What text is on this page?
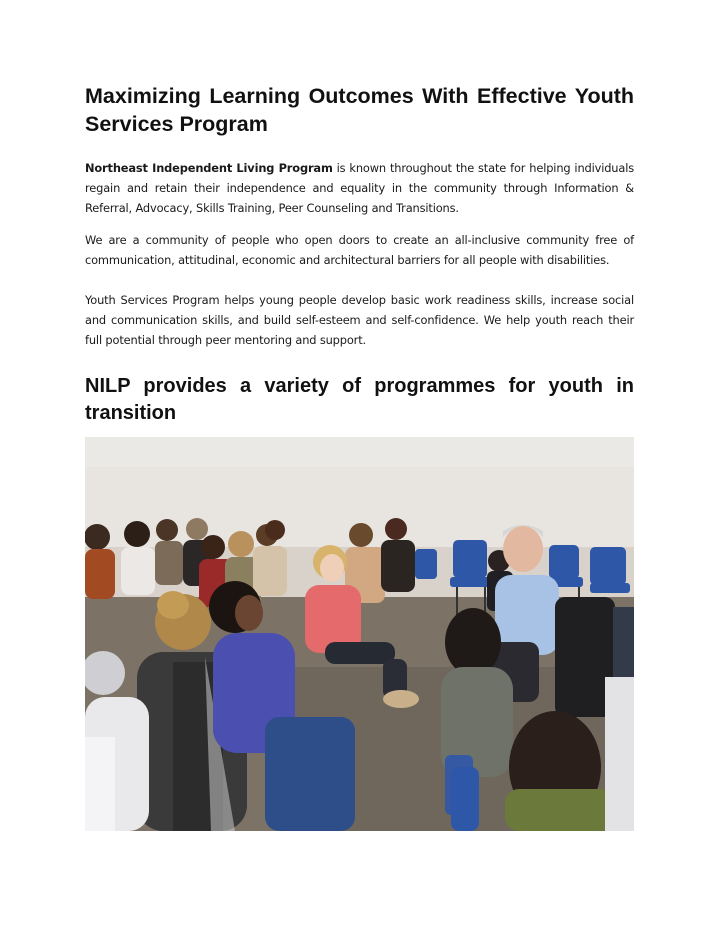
Maximizing Learning Outcomes With Effective Youth Services Program

Northeast Independent Living Program is known throughout the state for helping individuals regain and retain their independence and equality in the community through Information & Referral, Advocacy, Skills Training, Peer Counseling and Transitions.

We are a community of people who open doors to create an all-inclusive community free of communication, attitudinal, economic and architectural barriers for all people with disabilities.

Youth Services Program helps young people develop basic work readiness skills, increase social and communication skills, and build self-esteem and self-confidence. We help youth reach their full potential through peer mentoring and support.

NILP provides a variety of programmes for youth in transition
